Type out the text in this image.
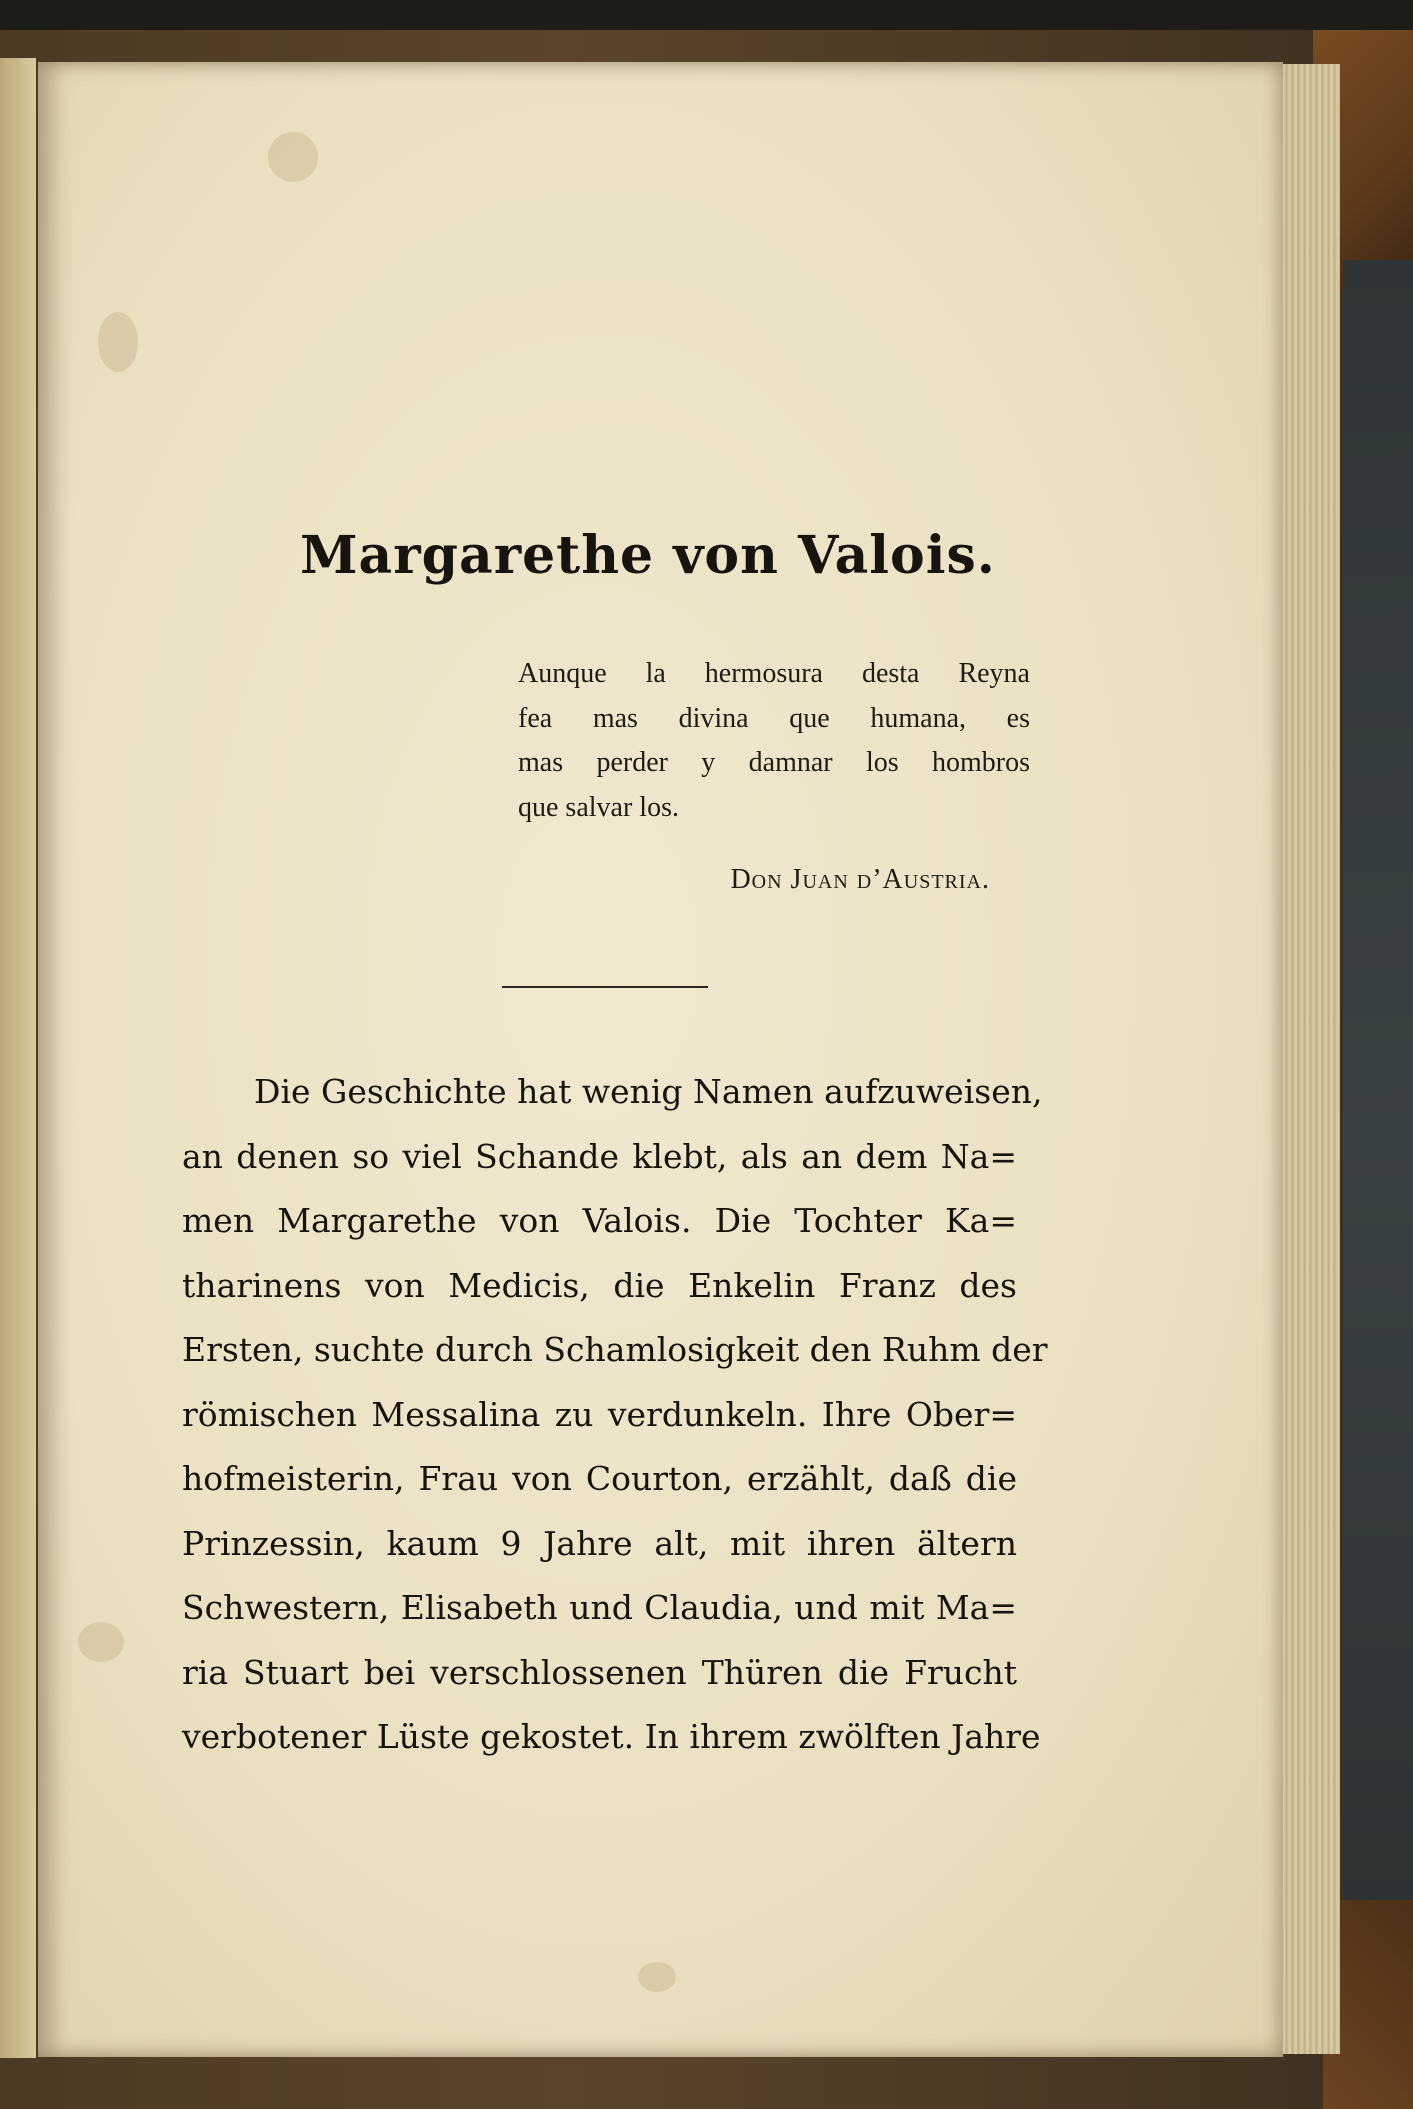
Margarethe von Valois.
Aunque la hermosura desta Reyna
fea mas divina que humana, es
mas perder y damnar los hombros
que salvar los.
Don Juan d’Austria.
Die Geschichte hat wenig Namen aufzuweisen,
an denen so viel Schande klebt, als an dem Na=
men Margarethe von Valois. Die Tochter Ka=
tharinens von Medicis, die Enkelin Franz des
Ersten, suchte durch Schamlosigkeit den Ruhm der
römischen Messalina zu verdunkeln. Ihre Ober=
hofmeisterin, Frau von Courton, erzählt, daß die
Prinzessin, kaum 9 Jahre alt, mit ihren ältern
Schwestern, Elisabeth und Claudia, und mit Ma=
ria Stuart bei verschlossenen Thüren die Frucht
verbotener Lüste gekostet. In ihrem zwölften Jahre
